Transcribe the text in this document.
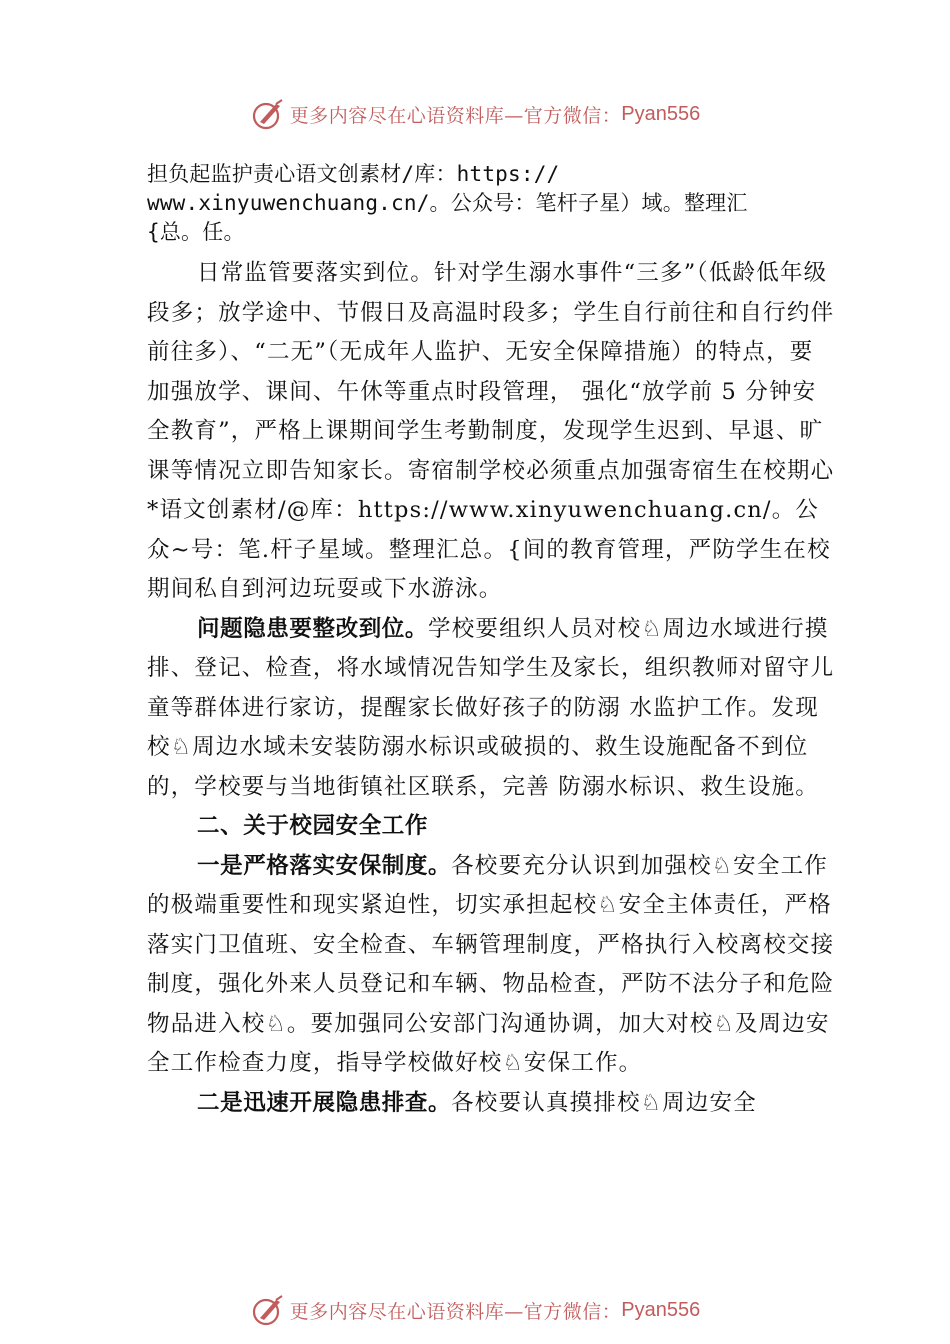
更多内容尽在心语资料库—官方微信： Pyan556

担负起监护责心语文创素材/库：https://
www.xinyuwenchuang.cn/。公众号：笔杆子星）域。整理汇
{总。任。

日常监管要落实到位。针对学生溺水事件“三多”（低龄低年级段多；放学途中、节假日及高温时段多；学生自行前往和自行约伴前往多）、“二无”（无成年人监护、无安全保障措施）的特点，要加强放学、课间、午休等重点时段管理， 强化“放学前 5 分钟安全教育”，严格上课期间学生考勤制度，发现学生迟到、早退、旷课等情况立即告知家长。寄宿制学校必须重点加强寄宿生在校期心*语文创素材/@库：https://www.xinyuwenchuang.cn/。公众~号：笔.杆子星域。整理汇总。{间的教育管理，严防学生在校期间私自到河边玩耍或下水游泳。

问题隐患要整改到位。学校要组织人员对校♘周边水域进行摸排、登记、检查，将水域情况告知学生及家长，组织教师对留守儿童等群体进行家访，提醒家长做好孩子的防溺 水监护工作。发现校♘周边水域未安装防溺水标识或破损的、救生设施配备不到位的，学校要与当地街镇社区联系，完善 防溺水标识、救生设施。

二、关于校园安全工作

一是严格落实安保制度。各校要充分认识到加强校♘安全工作的极端重要性和现实紧迫性，切实承担起校♘安全主体责任，严格落实门卫值班、安全检查、车辆管理制度，严格执行入校离校交接制度，强化外来人员登记和车辆、物品检查，严防不法分子和危险物品进入校♘。要加强同公安部门沟通协调，加大对校♘及周边安全工作检查力度，指导学校做好校♘安保工作。

二是迅速开展隐患排查。各校要认真摸排校♘周边安全

更多内容尽在心语资料库—官方微信： Pyan556
